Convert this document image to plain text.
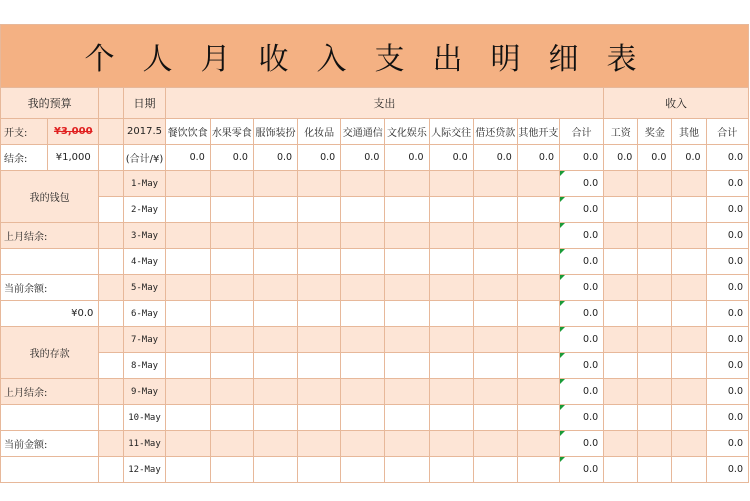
个人月收入支出明细表																	
我的预算			日期	支出										收入			
开支:	¥3,000		2017.5	餐饮饮食	水果零食	服饰装扮	化妆品	交通通信	文化娱乐	人际交往	借还贷款	其他开支	合计	工资	奖金	其他	合计
结余:	¥1,000		(合计/¥)	0.0	0.0	0.0	0.0	0.0	0.0	0.0	0.0	0.0	0.0	0.0	0.0	0.0	0.0
我的钱包			1-May										0.0				0.0
			2-May										0.0				0.0
上月结余:			3-May										0.0				0.0
			4-May										0.0				0.0
当前余额:			5-May										0.0				0.0
¥0.0			6-May										0.0				0.0
我的存款			7-May										0.0				0.0
			8-May										0.0				0.0
上月结余:			9-May										0.0				0.0
			10-May										0.0				0.0
当前金额:			11-May										0.0				0.0
			12-May										0.0				0.0
